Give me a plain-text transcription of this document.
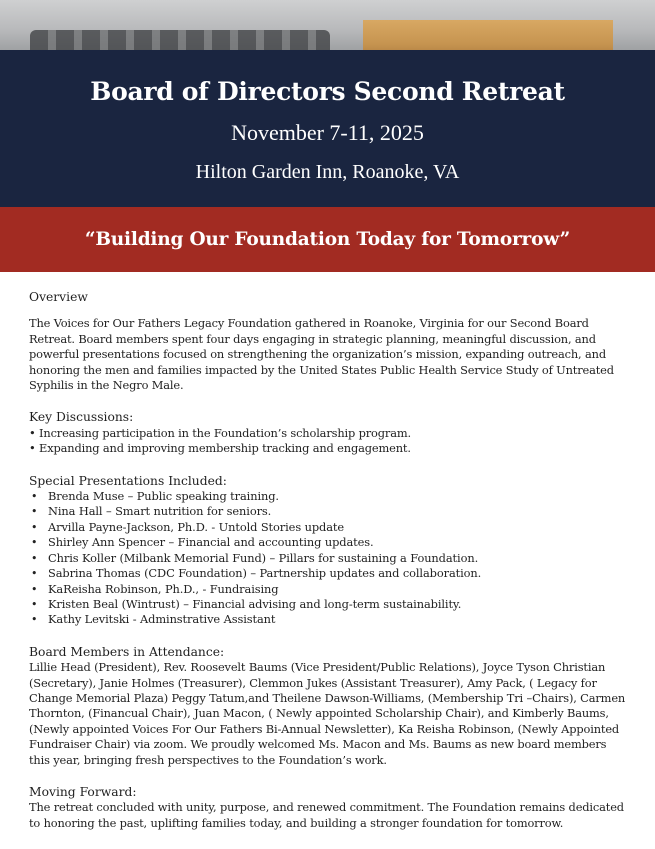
Board of Directors Second Retreat
November 7-11, 2025
Hilton Garden Inn, Roanoke, VA
“Building Our Foundation Today for Tomorrow”
Overview

The Voices for Our Fathers Legacy Foundation gathered in Roanoke, Virginia for our Second Board Retreat. Board members spent four days engaging in strategic planning, meaningful discussion, and powerful presentations focused on strengthening the organization’s mission, expanding outreach, and honoring the men and families impacted by the United States Public Health Service Study of Untreated Syphilis in the Negro Male.

Key Discussions:
• Increasing participation in the Foundation’s scholarship program.
• Expanding and improving membership tracking and engagement.
Special Presentations Included:
• Brenda Muse – Public speaking training.
• Nina Hall – Smart nutrition for seniors.
• Arvilla Payne-Jackson, Ph.D. - Untold Stories update
• Shirley Ann Spencer – Financial and accounting updates.
• Chris Koller (Milbank Memorial Fund) – Pillars for sustaining a Foundation.
• Sabrina Thomas (CDC Foundation) – Partnership updates and collaboration.
• KaReisha Robinson, Ph.D., - Fundraising
• Kristen Beal (Wintrust) – Financial advising and long-term sustainability.
• Kathy Levitski - Adminstrative Assistant
Board Members in Attendance:

Lillie Head (President), Rev. Roosevelt Baums (Vice President/Public Relations), Joyce Tyson Christian (Secretary), Janie Holmes (Treasurer), Clemmon Jukes (Assistant Treasurer), Amy Pack, ( Legacy for Change Memorial Plaza) Peggy Tatum,and Theilene Dawson-Williams, (Membership Tri –Chairs), Carmen Thornton, (Financual Chair), Juan Macon, ( Newly appointed Scholarship Chair), and Kimberly Baums, (Newly appointed Voices For Our Fathers Bi-Annual Newsletter), Ka Reisha Robinson, (Newly Appointed Fundraiser Chair) via zoom. We proudly welcomed Ms. Macon and Ms. Baums as new board members this year, bringing fresh perspectives to the Foundation’s work.

Moving Forward:

The retreat concluded with unity, purpose, and renewed commitment. The Foundation remains dedicated to honoring the past, uplifting families today, and building a stronger foundation for tomorrow.
